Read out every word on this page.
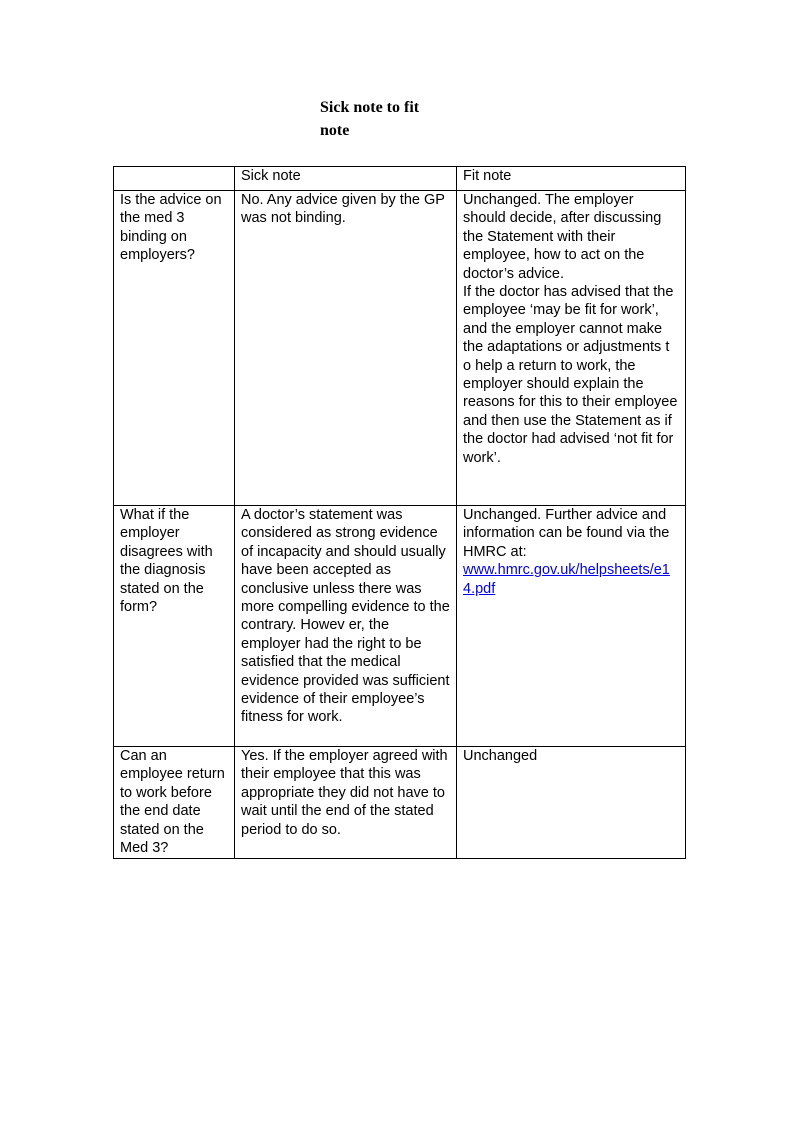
Sick note to fit note
	Sick note	Fit note
Is the advice on the med 3 binding on employers?	No. Any advice given by the GP was not binding.	Unchanged. The employer should decide, after discussing the Statement with their employee, how to act on the doctor’s advice.
If the doctor has advised that the employee ‘may be fit for work’, and the employer cannot make the adaptations or adjustments t o help a return to work, the employer should explain the reasons for this to their employee and then use the Statement as if the doctor had advised ‘not fit for work’.

What if the employer disagrees with the diagnosis stated on the form?	A doctor’s statement was considered as strong evidence of incapacity and should usually have been accepted as conclusive unless there was more compelling evidence to the contrary. Howev er, the employer had the right to be satisfied that the medical evidence provided was sufficient evidence of their employee’s fitness for work.	Unchanged. Further advice and information can be found via the HMRC at:
www.hmrc.gov.uk/helpsheets/e14.pdf
Can an employee return to work before the end date stated on the Med 3?	Yes. If the employer agreed with their employee that this was appropriate they did not have to wait until the end of the stated period to do so.	Unchanged
